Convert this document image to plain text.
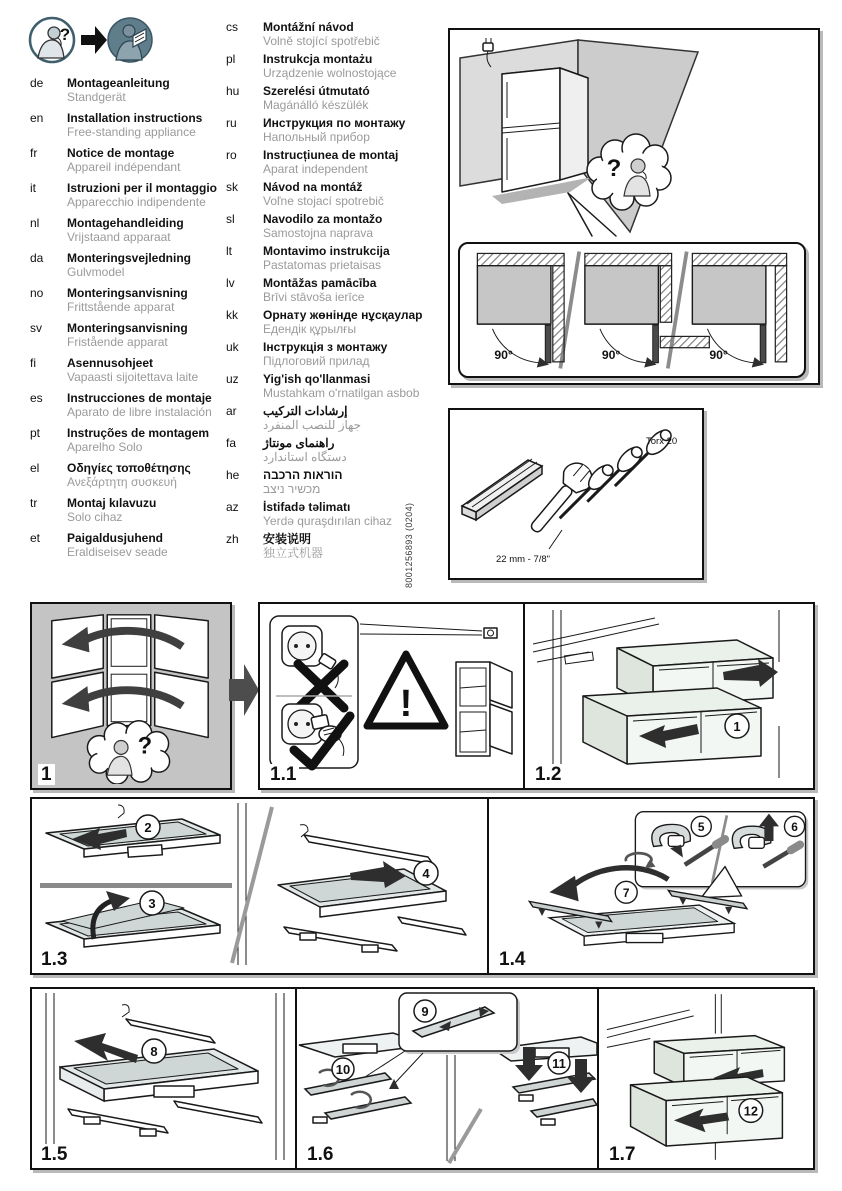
?
de	Montageanleitung
Standgerät
en	Installation instructions
Free-standing appliance
fr	Notice de montage
Appareil indépendant
it	Istruzioni per il montaggio
Apparecchio indipendente
nl	Montagehandleiding
Vrijstaand apparaat
da	Monteringsvejledning
Gulvmodel
no	Monteringsanvisning
Frittstående apparat
sv	Monteringsanvisning
Fristående apparat
fi	Asennusohjeet
Vapaasti sijoitettava laite
es	Instrucciones de montaje
Aparato de libre instalación
pt	Instruções de montagem
Aparelho Solo
el	Οδηγίες τοποθέτησης
Ανεξάρτητη συσκευή
tr	Montaj kılavuzu
Solo cihaz
et	Paigaldusjuhend
Eraldiseisev seade
cs	Montážní návod
Volně stojící spotřebič
pl	Instrukcja montażu
Urządzenie wolnostojące
hu	Szerelési útmutató
Magánálló készülék
ru	Инструкция по монтажу
Напольный прибор
ro	Instrucțiunea de montaj
Aparat independent
sk	Návod na montáž
Voľne stojací spotrebič
sl	Navodilo za montažo
Samostojna naprava
lt	Montavimo instrukcija
Pastatomas prietaisas
lv	Montāžas pamācība
Brīvi stāvoša ierīce
kk	Орнату жөнінде нұсқаулар
Едендік құрылғы
uk	Інструкція з монтажу
Підлоговий прилад
uz	Yig'ish qo'llanmasi
Mustahkam o'rnatilgan asbob
ar	إرشادات التركيب
جهاز للنصب المنفرد
fa	راهنمای مونتاژ
دستگاه استاندارد
he	הוראות הרכבה
מכשיר ניצב
az	İstifadə təlimatı
Yerdə quraşdırılan cihaz
zh	安装说明
独立式机器	8001256893 (0204)
?
90°	90°	90°
22 mm - 7/8"
Torx 20
?
1
!
1.1
1
1.2
2
3
4
1.3
5	6
7
1.4
8
1.5
9
10	11
1.6
12
1.7
